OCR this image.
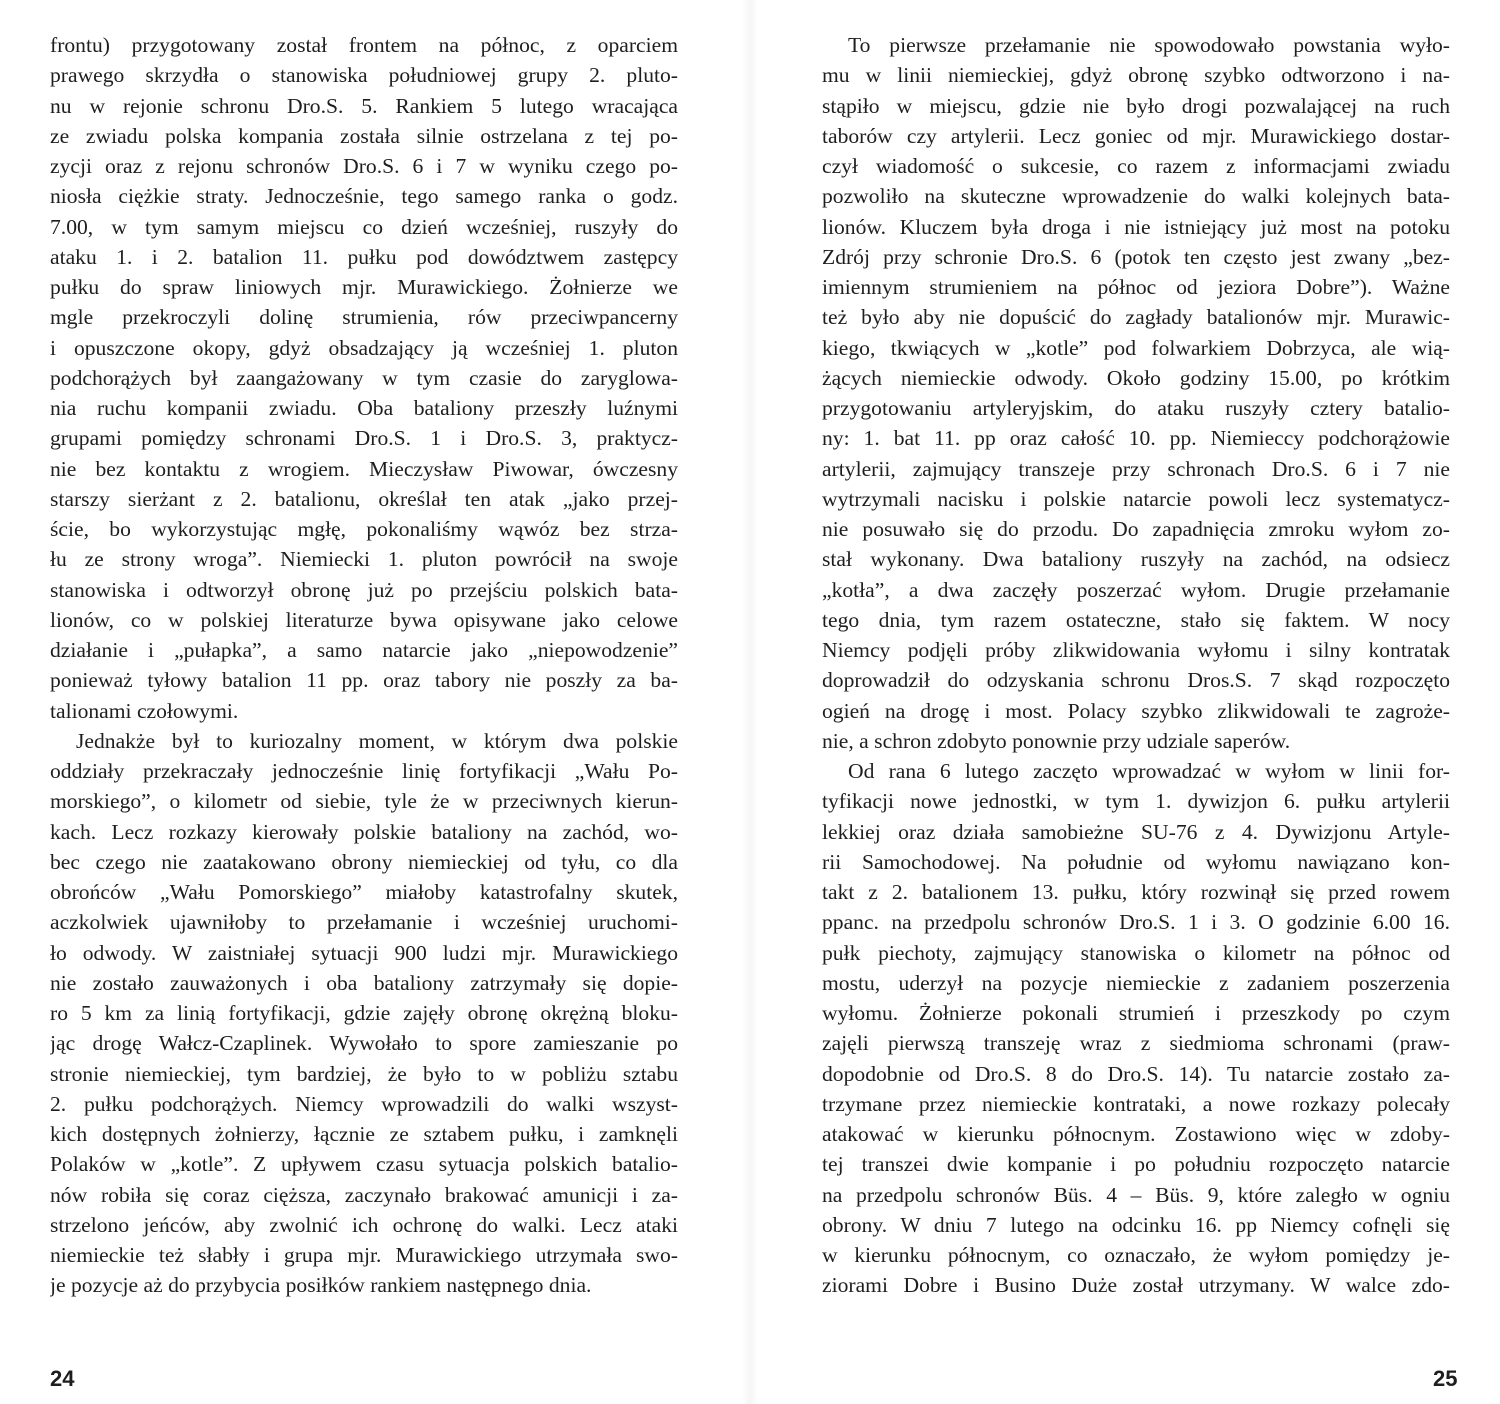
frontu) przygotowany został frontem na północ, z oparciem
prawego skrzydła o stanowiska południowej grupy 2. pluto-
nu w rejonie schronu Dro.S. 5. Rankiem 5 lutego wracająca
ze zwiadu polska kompania została silnie ostrzelana z tej po-
zycji oraz z rejonu schronów Dro.S. 6 i 7 w wyniku czego po-
niosła ciężkie straty. Jednocześnie, tego samego ranka o godz.
7.00, w tym samym miejscu co dzień wcześniej, ruszyły do
ataku 1. i 2. batalion 11. pułku pod dowództwem zastępcy
pułku do spraw liniowych mjr. Murawickiego. Żołnierze we
mgle przekroczyli dolinę strumienia, rów przeciwpancerny
i opuszczone okopy, gdyż obsadzający ją wcześniej 1. pluton
podchorążych był zaangażowany w tym czasie do zaryglowa-
nia ruchu kompanii zwiadu. Oba bataliony przeszły luźnymi
grupami pomiędzy schronami Dro.S. 1 i Dro.S. 3, praktycz-
nie bez kontaktu z wrogiem. Mieczysław Piwowar, ówczesny
starszy sierżant z 2. batalionu, określał ten atak „jako przej-
ście, bo wykorzystując mgłę, pokonaliśmy wąwóz bez strza-
łu ze strony wroga”. Niemiecki 1. pluton powrócił na swoje
stanowiska i odtworzył obronę już po przejściu polskich bata-
lionów, co w polskiej literaturze bywa opisywane jako celowe
działanie i „pułapka”, a samo natarcie jako „niepowodzenie”
ponieważ tyłowy batalion 11 pp. oraz tabory nie poszły za ba-
talionami czołowymi.
Jednakże był to kuriozalny moment, w którym dwa polskie
oddziały przekraczały jednocześnie linię fortyfikacji „Wału Po-
morskiego”, o kilometr od siebie, tyle że w przeciwnych kierun-
kach. Lecz rozkazy kierowały polskie bataliony na zachód, wo-
bec czego nie zaatakowano obrony niemieckiej od tyłu, co dla
obrońców „Wału Pomorskiego” miałoby katastrofalny skutek,
aczkolwiek ujawniłoby to przełamanie i wcześniej uruchomi-
ło odwody. W zaistniałej sytuacji 900 ludzi mjr. Murawickiego
nie zostało zauważonych i oba bataliony zatrzymały się dopie-
ro 5 km za linią fortyfikacji, gdzie zajęły obronę okrężną bloku-
jąc drogę Wałcz-Czaplinek. Wywołało to spore zamieszanie po
stronie niemieckiej, tym bardziej, że było to w pobliżu sztabu
2. pułku podchorążych. Niemcy wprowadzili do walki wszyst-
kich dostępnych żołnierzy, łącznie ze sztabem pułku, i zamknęli
Polaków w „kotle”. Z upływem czasu sytuacja polskich batalio-
nów robiła się coraz cięższa, zaczynało brakować amunicji i za-
strzelono jeńców, aby zwolnić ich ochronę do walki. Lecz ataki
niemieckie też słabły i grupa mjr. Murawickiego utrzymała swo-
je pozycje aż do przybycia posiłków rankiem następnego dnia.
24
To pierwsze przełamanie nie spowodowało powstania wyło-
mu w linii niemieckiej, gdyż obronę szybko odtworzono i na-
stąpiło w miejscu, gdzie nie było drogi pozwalającej na ruch
taborów czy artylerii. Lecz goniec od mjr. Murawickiego dostar-
czył wiadomość o sukcesie, co razem z informacjami zwiadu
pozwoliło na skuteczne wprowadzenie do walki kolejnych bata-
lionów. Kluczem była droga i nie istniejący już most na potoku
Zdrój przy schronie Dro.S. 6 (potok ten często jest zwany „bez-
imiennym strumieniem na północ od jeziora Dobre”). Ważne
też było aby nie dopuścić do zagłady batalionów mjr. Murawic-
kiego, tkwiących w „kotle” pod folwarkiem Dobrzyca, ale wią-
żących niemieckie odwody. Około godziny 15.00, po krótkim
przygotowaniu artyleryjskim, do ataku ruszyły cztery batalio-
ny: 1. bat 11. pp oraz całość 10. pp. Niemieccy podchorążowie
artylerii, zajmujący transzeje przy schronach Dro.S. 6 i 7 nie
wytrzymali nacisku i polskie natarcie powoli lecz systematycz-
nie posuwało się do przodu. Do zapadnięcia zmroku wyłom zo-
stał wykonany. Dwa bataliony ruszyły na zachód, na odsiecz
„kotła”, a dwa zaczęły poszerzać wyłom. Drugie przełamanie
tego dnia, tym razem ostateczne, stało się faktem. W nocy
Niemcy podjęli próby zlikwidowania wyłomu i silny kontratak
doprowadził do odzyskania schronu Dros.S. 7 skąd rozpoczęto
ogień na drogę i most. Polacy szybko zlikwidowali te zagroże-
nie, a schron zdobyto ponownie przy udziale saperów.
Od rana 6 lutego zaczęto wprowadzać w wyłom w linii for-
tyfikacji nowe jednostki, w tym 1. dywizjon 6. pułku artylerii
lekkiej oraz działa samobieżne SU-76 z 4. Dywizjonu Artyle-
rii Samochodowej. Na południe od wyłomu nawiązano kon-
takt z 2. batalionem 13. pułku, który rozwinął się przed rowem
ppanc. na przedpolu schronów Dro.S. 1 i 3. O godzinie 6.00 16.
pułk piechoty, zajmujący stanowiska o kilometr na północ od
mostu, uderzył na pozycje niemieckie z zadaniem poszerzenia
wyłomu. Żołnierze pokonali strumień i przeszkody po czym
zajęli pierwszą transzeję wraz z siedmioma schronami (praw-
dopodobnie od Dro.S. 8 do Dro.S. 14). Tu natarcie zostało za-
trzymane przez niemieckie kontrataki, a nowe rozkazy polecały
atakować w kierunku północnym. Zostawiono więc w zdoby-
tej transzei dwie kompanie i po południu rozpoczęto natarcie
na przedpolu schronów Büs. 4 – Büs. 9, które zaległo w ogniu
obrony. W dniu 7 lutego na odcinku 16. pp Niemcy cofnęli się
w kierunku północnym, co oznaczało, że wyłom pomiędzy je-
ziorami Dobre i Businо Duże został utrzymany. W walce zdo-
25
